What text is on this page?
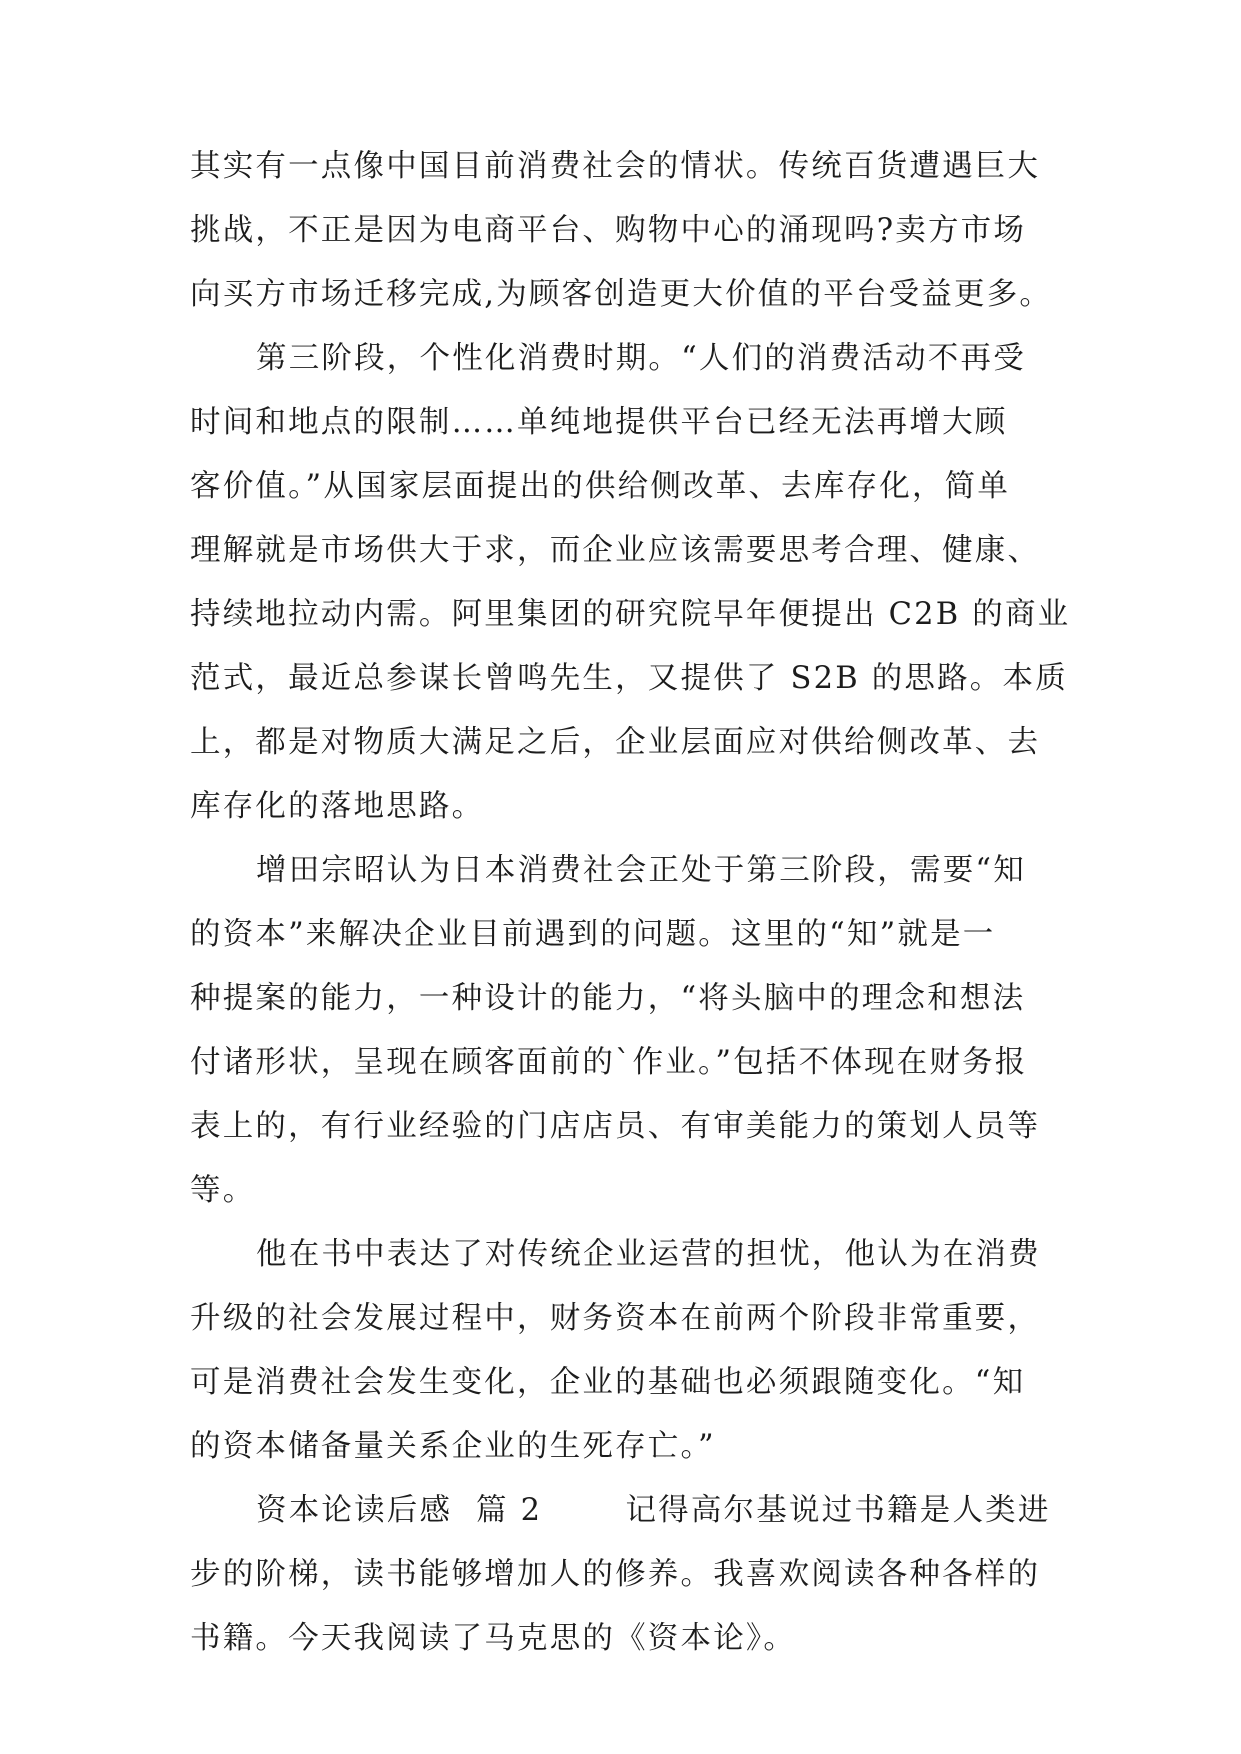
其实有一点像中国目前消费社会的情状。传统百货遭遇巨大
挑战，不正是因为电商平台、购物中心的涌现吗?卖方市场
向买方市场迁移完成,为顾客创造更大价值的平台受益更多。
第三阶段，个性化消费时期。“人们的消费活动不再受
时间和地点的限制……单纯地提供平台已经无法再增大顾
客价值。”从国家层面提出的供给侧改革、去库存化，简单
理解就是市场供大于求，而企业应该需要思考合理、健康、
持续地拉动内需。阿里集团的研究院早年便提出 C2B 的商业
范式，最近总参谋长曾鸣先生，又提供了 S2B 的思路。本质
上，都是对物质大满足之后，企业层面应对供给侧改革、去
库存化的落地思路。
增田宗昭认为日本消费社会正处于第三阶段，需要“知
的资本”来解决企业目前遇到的问题。这里的“知”就是一
种提案的能力，一种设计的能力，“将头脑中的理念和想法
付诸形状，呈现在顾客面前的`作业。”包括不体现在财务报
表上的，有行业经验的门店店员、有审美能力的策划人员等
等。
他在书中表达了对传统企业运营的担忧，他认为在消费
升级的社会发展过程中，财务资本在前两个阶段非常重要，
可是消费社会发生变化，企业的基础也必须跟随变化。“知
的资本储备量关系企业的生死存亡。”
资本论读后感  篇 2       记得高尔基说过书籍是人类进
步的阶梯，读书能够增加人的修养。我喜欢阅读各种各样的
书籍。今天我阅读了马克思的《资本论》。
